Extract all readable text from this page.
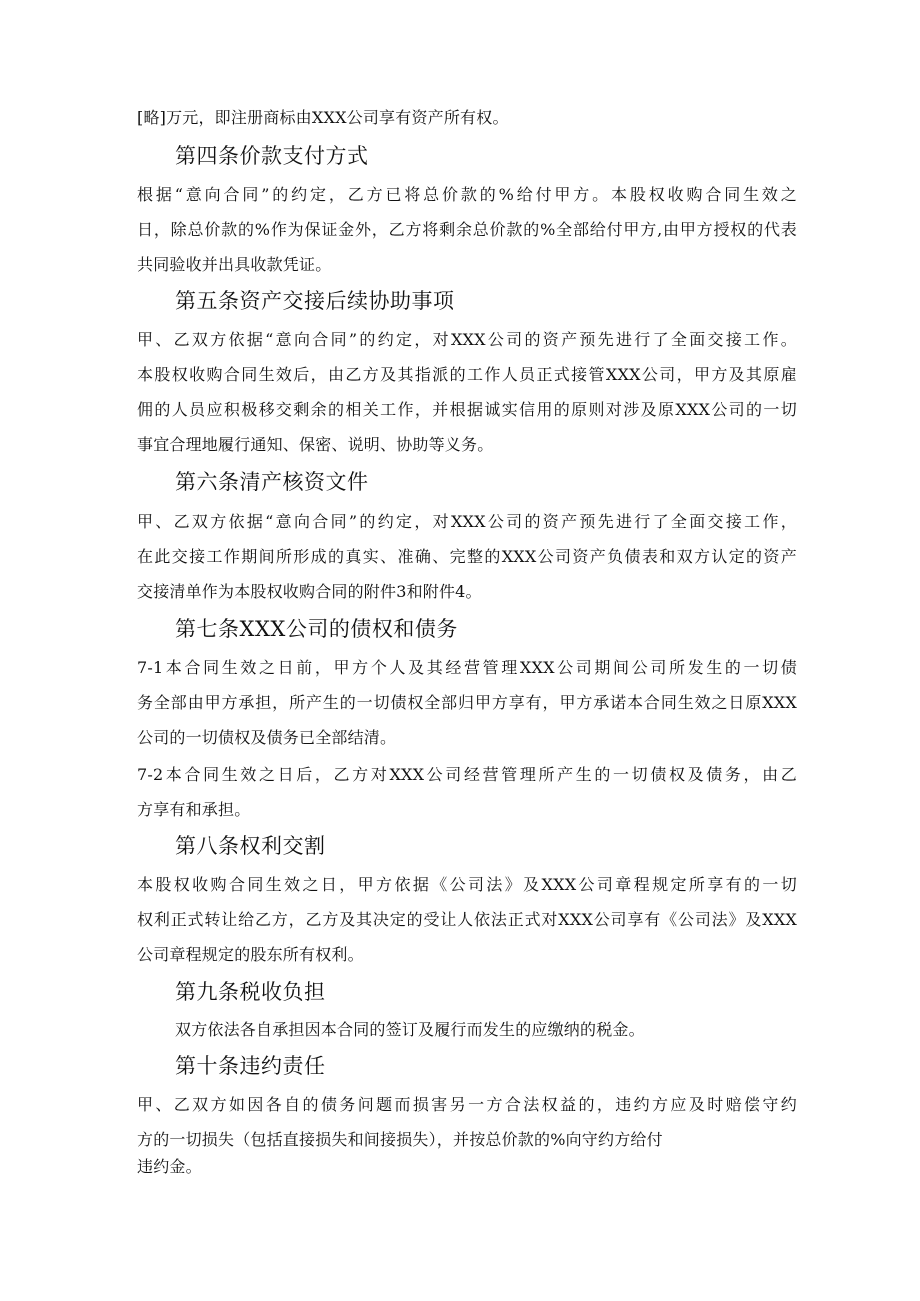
[略]万元，即注册商标由XXX公司享有资产所有权。
第四条价款支付方式
根据“意向合同”的约定，乙方已将总价款的%给付甲方。本股权收购合同生效之
日，除总价款的%作为保证金外，乙方将剩余总价款的%全部给付甲方,由甲方授权的代表
共同验收并出具收款凭证。
第五条资产交接后续协助事项
甲、乙双方依据“意向合同”的约定，对XXX公司的资产预先进行了全面交接工作。
本股权收购合同生效后，由乙方及其指派的工作人员正式接管XXX公司，甲方及其原雇
佣的人员应积极移交剩余的相关工作，并根据诚实信用的原则对涉及原XXX公司的一切
事宜合理地履行通知、保密、说明、协助等义务。
第六条清产核资文件
甲、乙双方依据“意向合同”的约定，对XXX公司的资产预先进行了全面交接工作，
在此交接工作期间所形成的真实、准确、完整的XXX公司资产负债表和双方认定的资产
交接清单作为本股权收购合同的附件3和附件4。
第七条XXX公司的债权和债务
7-1本合同生效之日前，甲方个人及其经营管理XXX公司期间公司所发生的一切债
务全部由甲方承担，所产生的一切债权全部归甲方享有，甲方承诺本合同生效之日原XXX
公司的一切债权及债务已全部结清。
7-2本合同生效之日后，乙方对XXX公司经营管理所产生的一切债权及债务，由乙
方享有和承担。
第八条权利交割
本股权收购合同生效之日，甲方依据《公司法》及XXX公司章程规定所享有的一切
权利正式转让给乙方，乙方及其决定的受让人依法正式对XXX公司享有《公司法》及XXX
公司章程规定的股东所有权利。
第九条税收负担
双方依法各自承担因本合同的签订及履行而发生的应缴纳的税金。
第十条违约责任
甲、乙双方如因各自的债务问题而损害另一方合法权益的，违约方应及时赔偿守约
方的一切损失（包括直接损失和间接损失），并按总价款的%向守约方给付
违约金。
